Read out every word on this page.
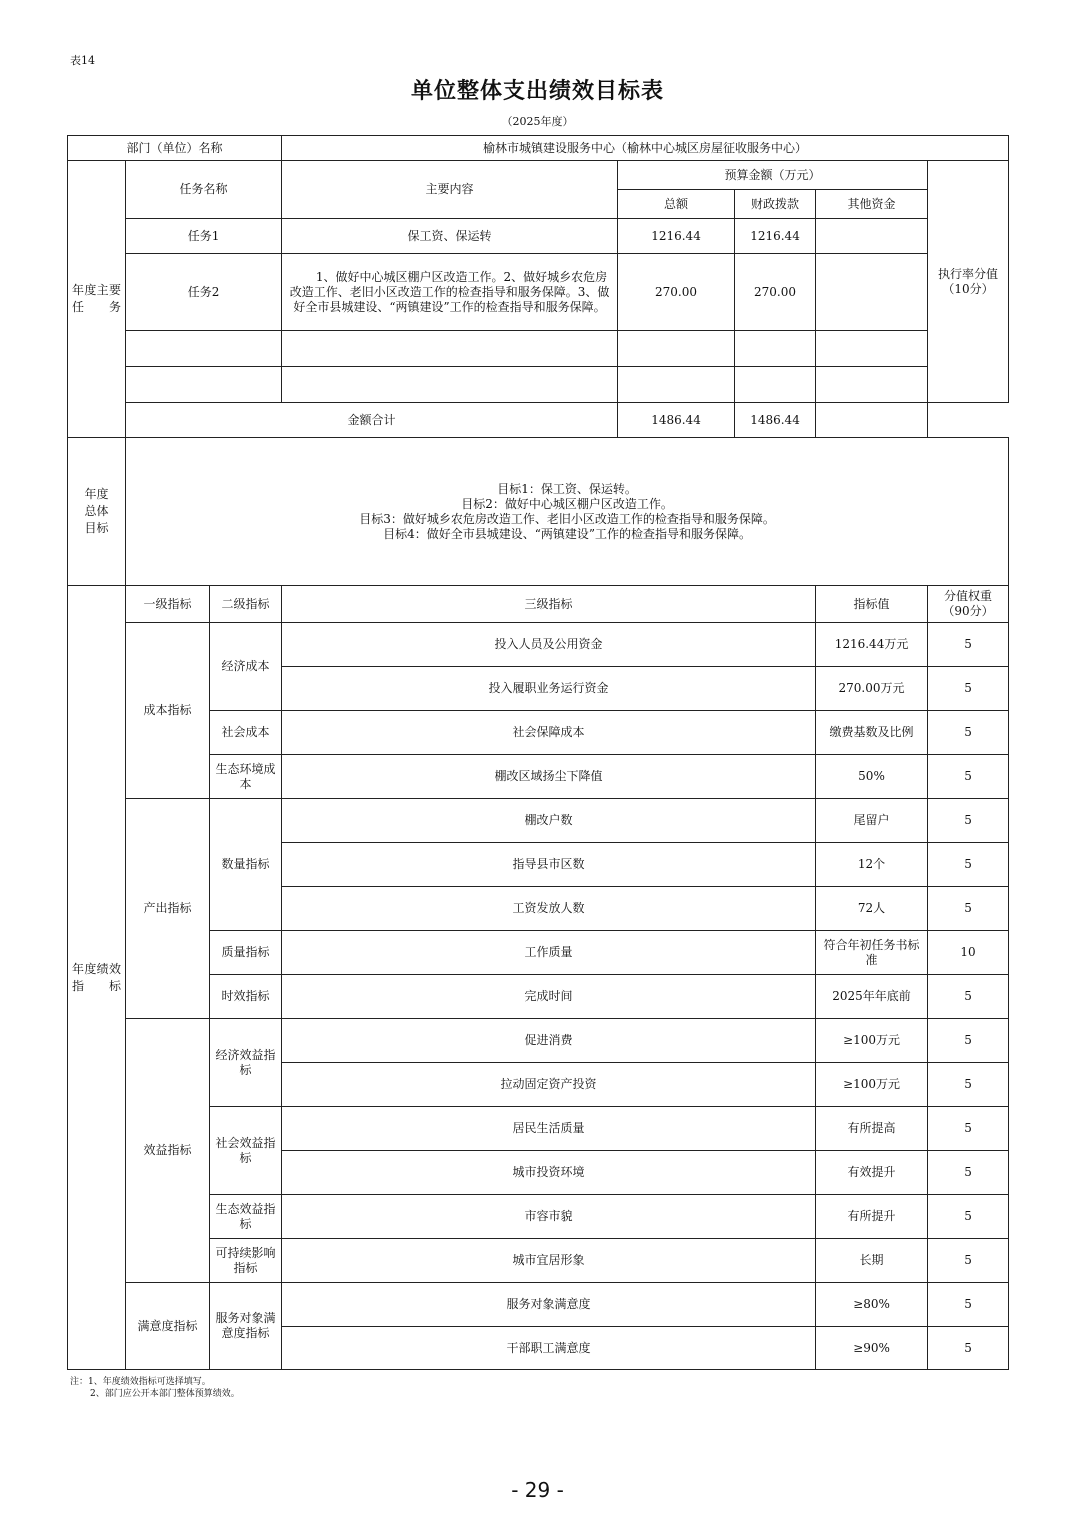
表14
单位整体支出绩效目标表
（2025年度）
部门（单位）名称			榆林市城镇建设服务中心（榆林中心城区房屋征收服务中心）				

年度主要任务	任务名称		主要内容	预算金额（万元）			执行率分值（10分）
				总额	财政拨款	其他资金	
	任务1		保工资、保运转	1216.44	1216.44		
	任务2		1、做好中心城区棚户区改造工作。2、做好城乡农危房改造工作、老旧小区改造工作的检查指导和服务保障。3、做好全市县城建设、“两镇建设”工作的检查指导和服务保障。	270.00	270.00		

	金额合计			1486.44	1486.44		

年度总体目标	目标1：保工资、保运转。
目标2：做好中心城区棚户区改造工作。
目标3：做好城乡农危房改造工作、老旧小区改造工作的检查指导和服务保障。
目标4：做好全市县城建设、“两镇建设”工作的检查指导和服务保障。						

年度绩效指标	一级指标	二级指标	三级指标			指标值	分值权重（90分）
	成本指标	经济成本	投入人员及公用资金			1216.44万元	5
			投入履职业务运行资金			270.00万元	5
		社会成本	社会保障成本			缴费基数及比例	5
		生态环境成本	棚改区域扬尘下降值			50%	5
	产出指标	数量指标	棚改户数			尾留户	5
			指导县市区数			12个	5
			工资发放人数			72人	5
		质量指标	工作质量			符合年初任务书标准	10
		时效指标	完成时间			2025年年底前	5
	效益指标	经济效益指标	促进消费			≥100万元	5
			拉动固定资产投资			≥100万元	5
		社会效益指标	居民生活质量			有所提高	5
			城市投资环境			有效提升	5
		生态效益指标	市容市貌			有所提升	5
		可持续影响指标	城市宜居形象			长期	5
	满意度指标	服务对象满意度指标	服务对象满意度			≥80%	5
			干部职工满意度			≥90%	5
注：1、年度绩效指标可选择填写。
2、部门应公开本部门整体预算绩效。
- 29 -
